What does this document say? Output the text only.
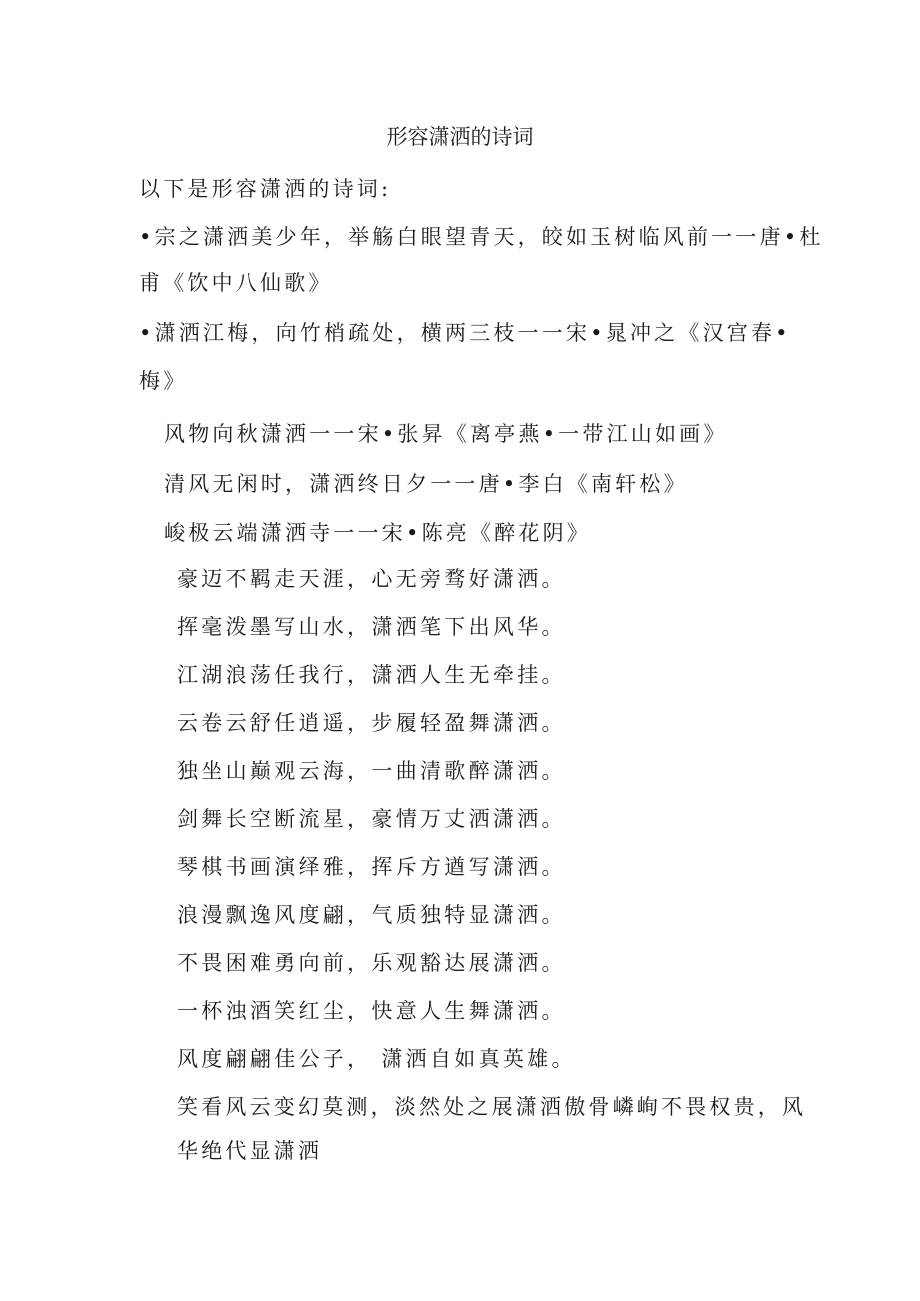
形容潇洒的诗词
以下是形容潇洒的诗词:
•宗之潇洒美少年，举觞白眼望青天，皎如玉树临风前一一唐•杜
甫《饮中八仙歌》
•潇洒江梅，向竹梢疏处，横两三枝一一宋•晁冲之《汉宫春•
梅》
风物向秋潇洒一一宋•张昇《离亭燕•一带江山如画》
清风无闲时，潇洒终日夕一一唐•李白《南轩松》
峻极云端潇洒寺一一宋•陈亮《醉花阴》
豪迈不羁走天涯，心无旁骛好潇洒。
挥毫泼墨写山水，潇洒笔下出风华。
江湖浪荡任我行，潇洒人生无牵挂。
云卷云舒任逍遥，步履轻盈舞潇洒。
独坐山巅观云海，一曲清歌醉潇洒。
剑舞长空断流星，豪情万丈洒潇洒。
琴棋书画演绎雅，挥斥方遒写潇洒。
浪漫飘逸风度翩，气质独特显潇洒。
不畏困难勇向前，乐观豁达展潇洒。
一杯浊酒笑红尘，快意人生舞潇洒。
风度翩翩佳公子， 潇洒自如真英雄。
笑看风云变幻莫测，淡然处之展潇洒傲骨嶙峋不畏权贵，风
华绝代显潇洒
